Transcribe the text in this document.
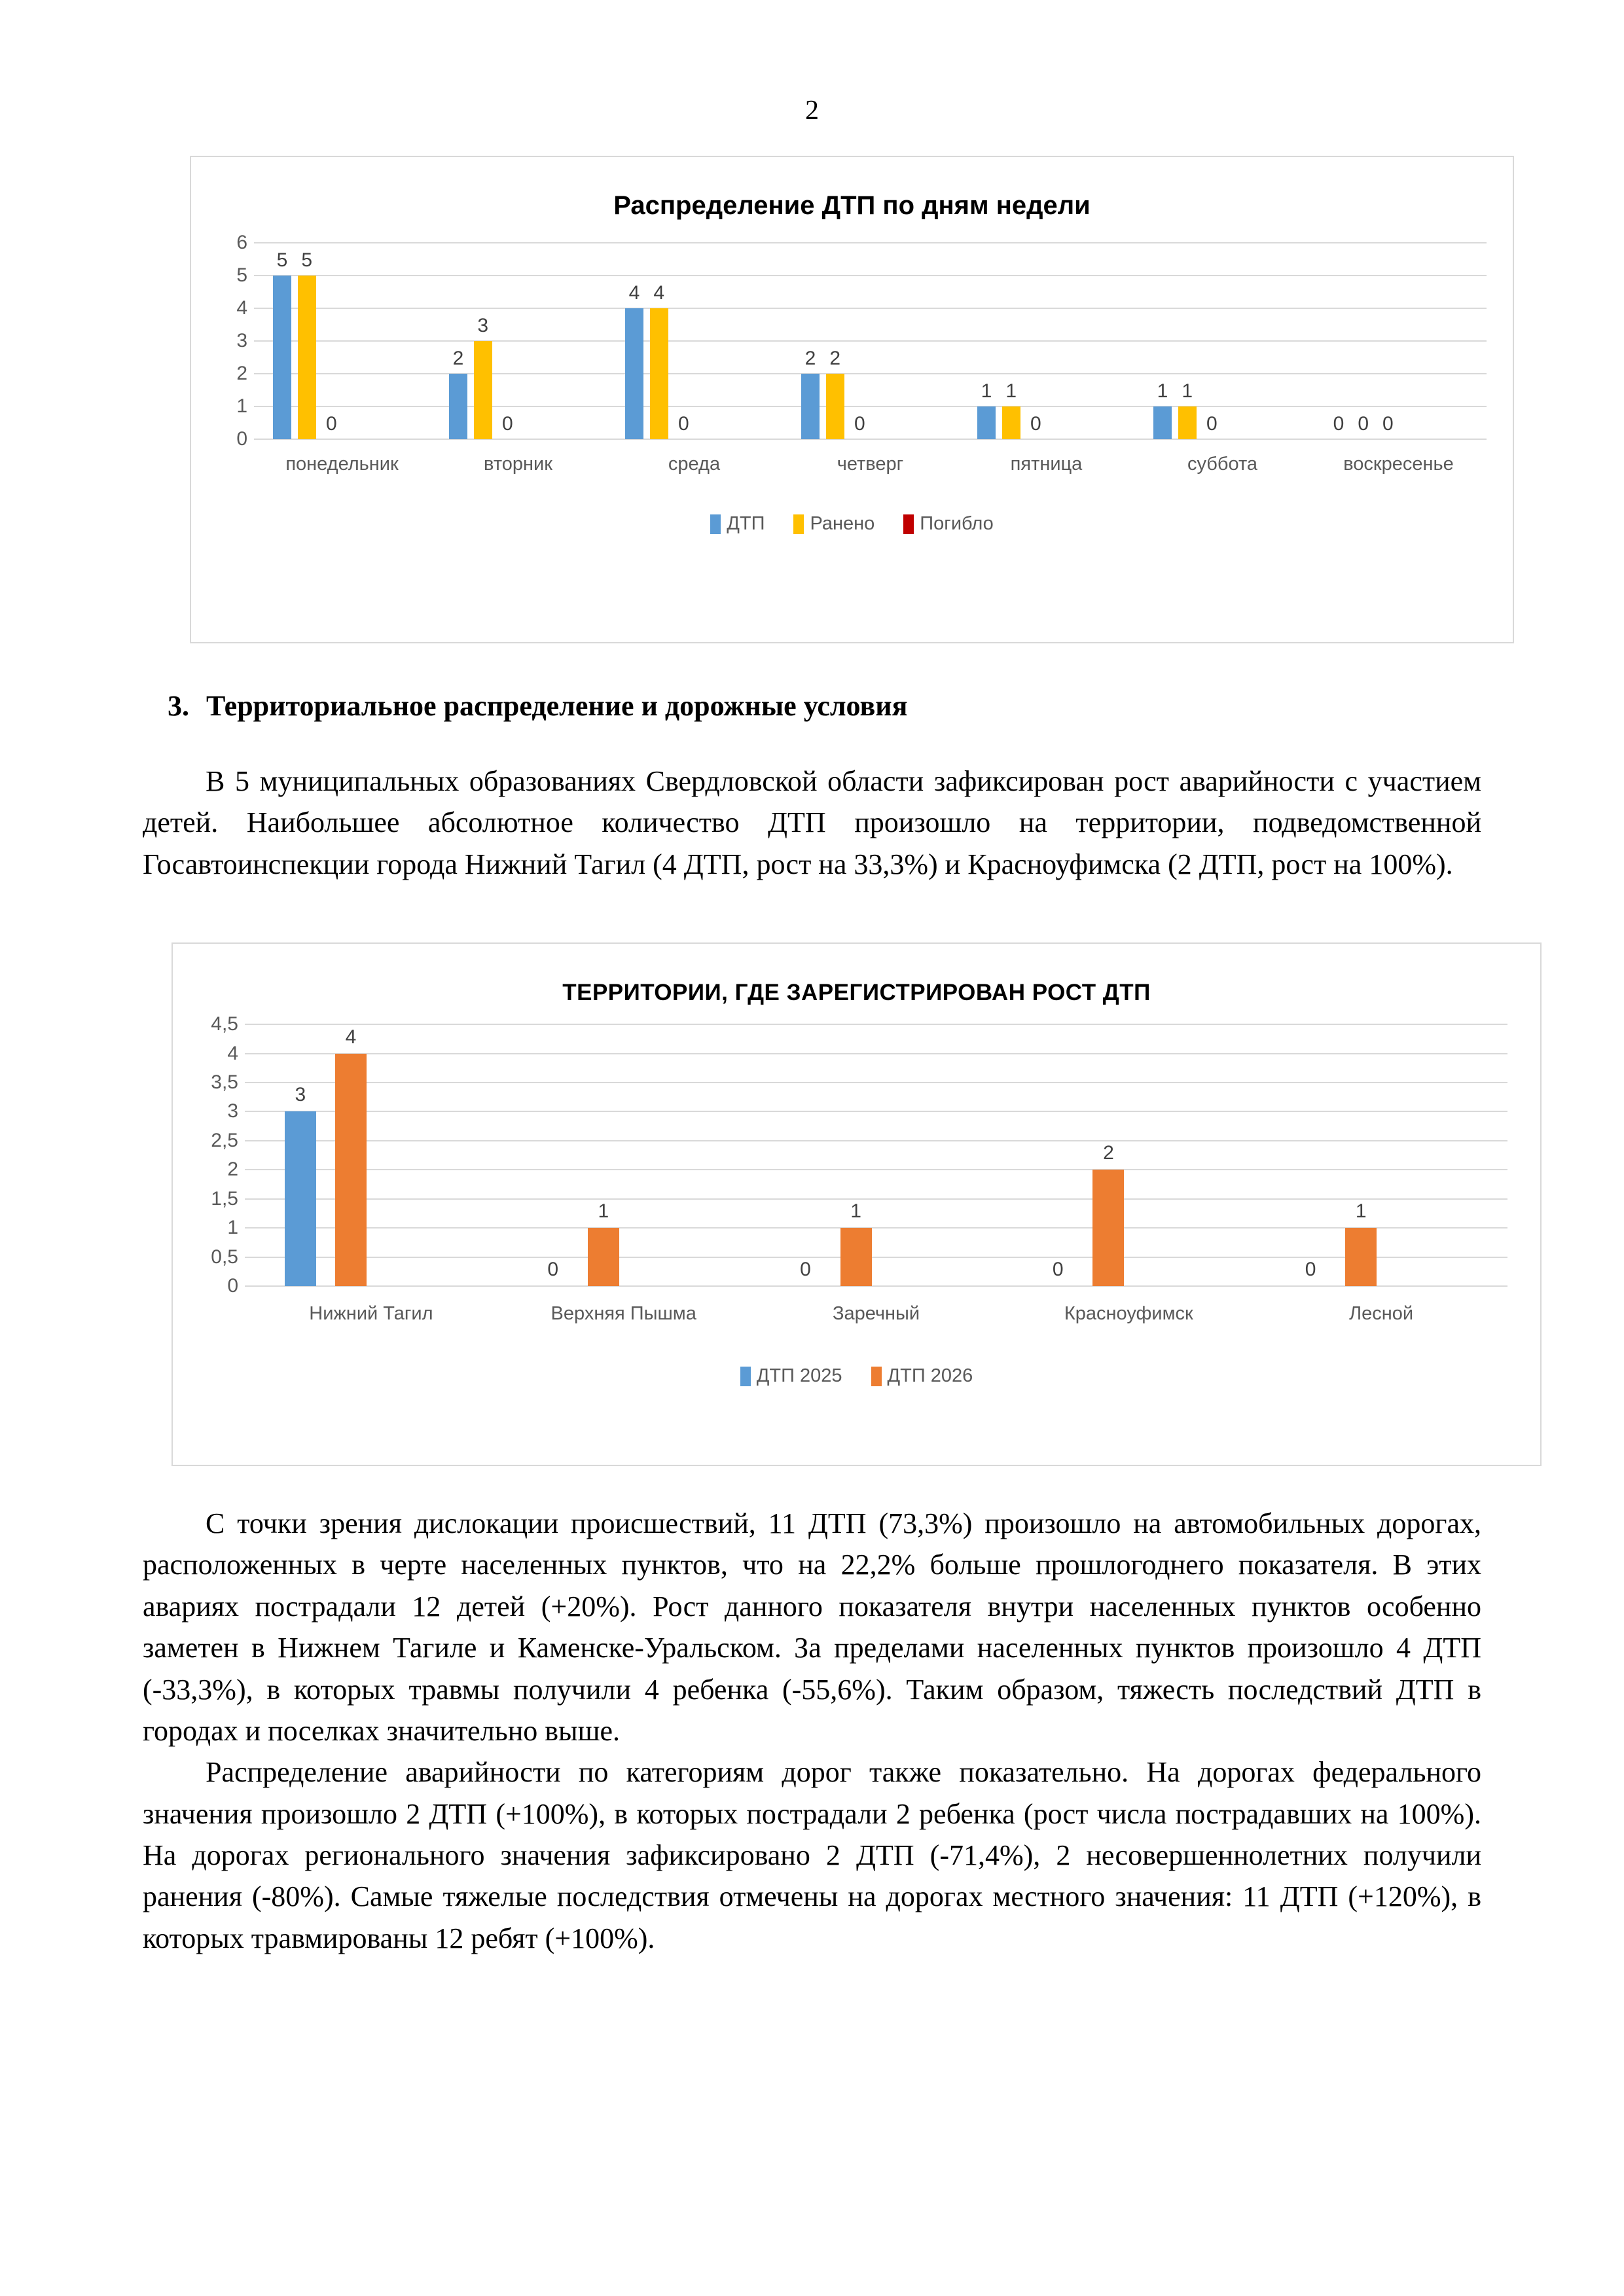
2
Распределение ДТП по дням недели
0
1
2
3
4
5
6
5 5
0
2
3
0
4 4
0
2 2
0
1 1
0
1 1
0	0 0 0
понедельник	вторник	среда	четверг	пятница	суббота	воскресенье
ДТП Ранено Погибло
3. Территориальное распределение и дорожные условия

В 5 муниципальных образованиях Свердловской области зафиксирован рост аварийности с участием детей. Наибольшее абсолютное количество ДТП произошло на территории, подведомственной Госавтоинспекции города Нижний Тагил (4 ДТП, рост на 33,3%) и Красноуфимска (2 ДТП, рост на 100%).

ТЕРРИТОРИИ, ГДЕ ЗАРЕГИСТРИРОВАН РОСТ ДТП
0
0,5
1
1,5
2
2,5
3
3,5
4
4,5
3
4
0
1
0
1
0
2
0
1
Нижний Тагил	Верхняя Пышма	Заречный	Красноуфимск	Лесной
ДТП 2025 ДТП 2026

С точки зрения дислокации происшествий, 11 ДТП (73,3%) произошло на автомобильных дорогах, расположенных в черте населенных пунктов, что на 22,2% больше прошлогоднего показателя. В этих авариях пострадали 12 детей (+20%). Рост данного показателя внутри населенных пунктов особенно заметен в Нижнем Тагиле и Каменске-Уральском. За пределами населенных пунктов произошло 4 ДТП (-33,3%), в которых травмы получили 4 ребенка (-55,6%). Таким образом, тяжесть последствий ДТП в городах и поселках значительно выше.

Распределение аварийности по категориям дорог также показательно. На дорогах федерального значения произошло 2 ДТП (+100%), в которых пострадали 2 ребенка (рост числа пострадавших на 100%). На дорогах регионального значения зафиксировано 2 ДТП (-71,4%), 2 несовершеннолетних получили ранения (-80%). Самые тяжелые последствия отмечены на дорогах местного значения: 11 ДТП (+120%), в которых травмированы 12 ребят (+100%).
